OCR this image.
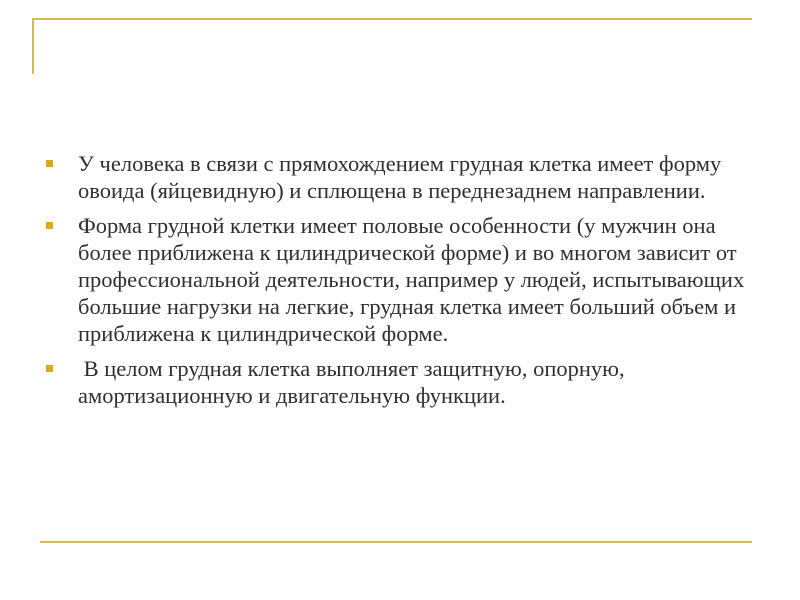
У человека в связи с прямохождением грудная клетка имеет форму овоида (яйцевидную) и сплющена в переднезаднем направлении.
Форма грудной клетки имеет половые особенности (у мужчин она более приближена к цилиндрической форме) и во многом зависит от профессиональной деятельности, например у людей, испытывающих большие нагрузки на легкие, грудная клетка имеет больший объем и приближена к цилиндрической форме.
В целом грудная клетка выполняет защитную, опорную, амортизационную и двигательную функции.
